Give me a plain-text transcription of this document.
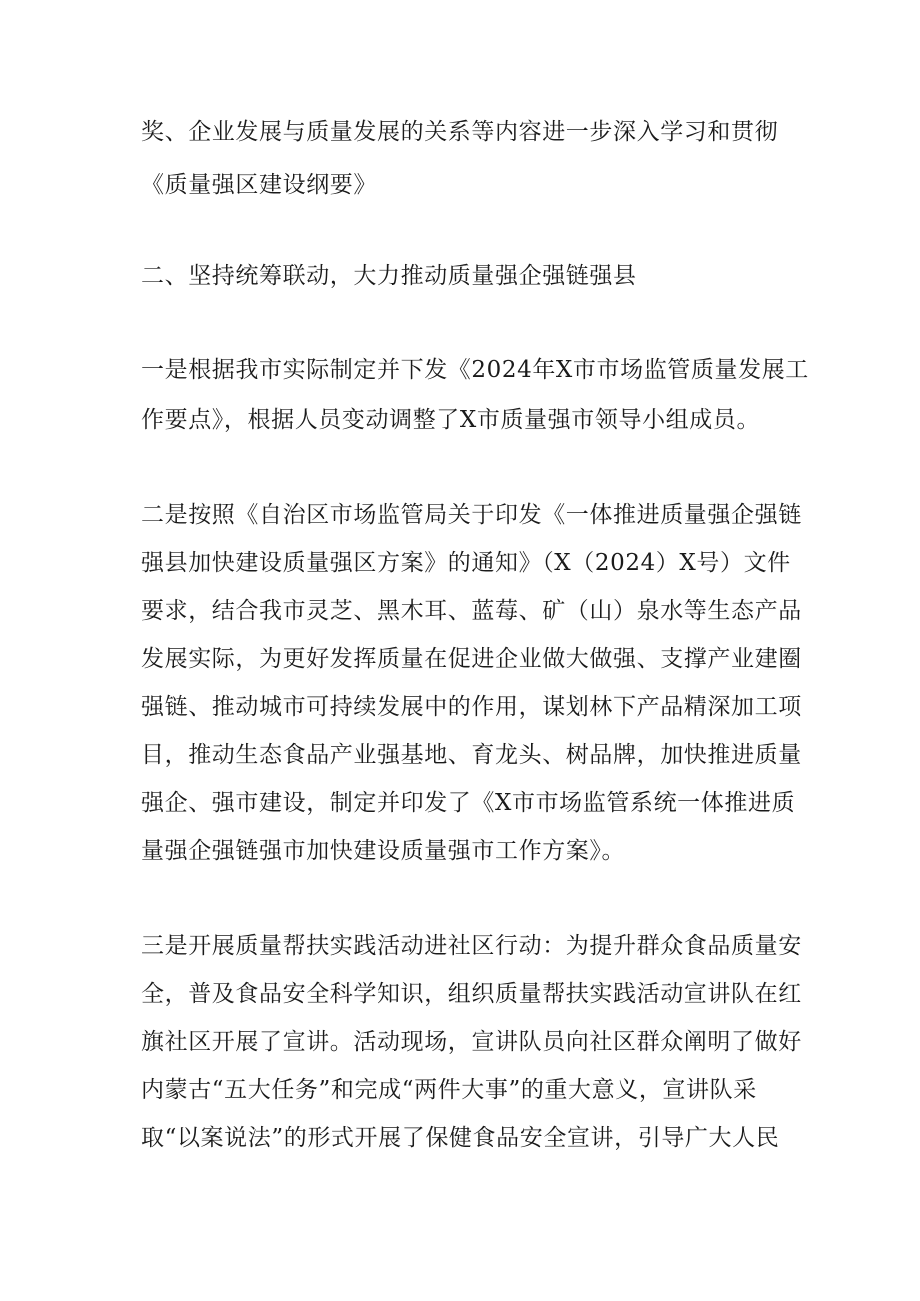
奖、企业发展与质量发展的关系等内容进一步深入学习和贯彻
《质量强区建设纲要》
二、坚持统筹联动，大力推动质量强企强链强县
一是根据我市实际制定并下发《2024年X市市场监管质量发展工
作要点》，根据人员变动调整了X市质量强市领导小组成员。
二是按照《自治区市场监管局关于印发《一体推进质量强企强链
强县加快建设质量强区方案》的通知》（X（2024）X号）文件
要求，结合我市灵芝、黑木耳、蓝莓、矿（山）泉水等生态产品
发展实际，为更好发挥质量在促进企业做大做强、支撑产业建圈
强链、推动城市可持续发展中的作用，谋划林下产品精深加工项
目，推动生态食品产业强基地、育龙头、树品牌，加快推进质量
强企、强市建设，制定并印发了《X市市场监管系统一体推进质
量强企强链强市加快建设质量强市工作方案》。
三是开展质量帮扶实践活动进社区行动：为提升群众食品质量安
全，普及食品安全科学知识，组织质量帮扶实践活动宣讲队在红
旗社区开展了宣讲。活动现场，宣讲队员向社区群众阐明了做好
内蒙古“五大任务”和完成“两件大事”的重大意义，宣讲队采
取“以案说法”的形式开展了保健食品安全宣讲，引导广大人民
